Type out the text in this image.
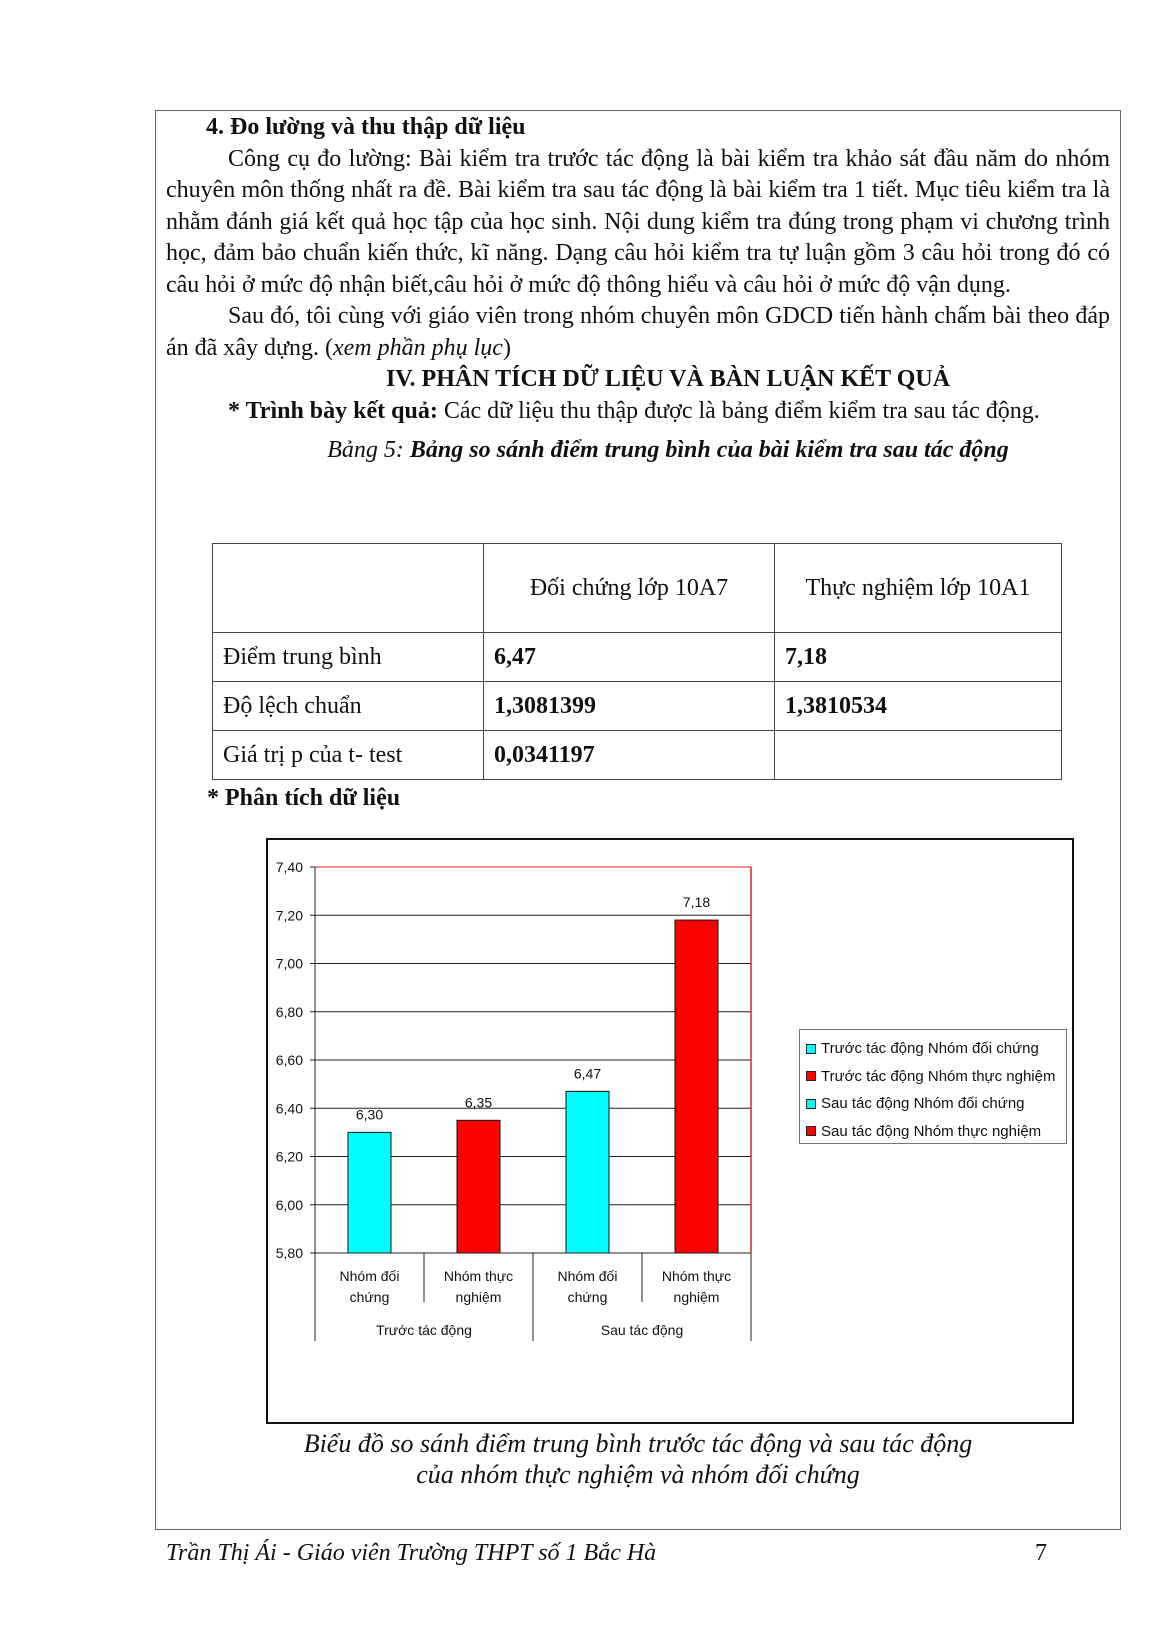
4. Đo lường và thu thập dữ liệu

Công cụ đo lường: Bài kiểm tra trước tác động là bài kiểm tra khảo sát đầu năm do nhóm chuyên môn thống nhất ra đề. Bài kiểm tra sau tác động là bài kiểm tra 1 tiết. Mục tiêu kiểm tra là nhằm đánh giá kết quả học tập của học sinh. Nội dung kiểm tra đúng trong phạm vi chương trình học, đảm bảo chuẩn kiến thức, kĩ năng. Dạng câu hỏi kiểm tra tự luận gồm 3 câu hỏi trong đó có câu hỏi ở mức độ nhận biết,câu hỏi ở mức độ thông hiểu và câu hỏi ở mức độ vận dụng.

Sau đó, tôi cùng với giáo viên trong nhóm chuyên môn GDCD tiến hành chấm bài theo đáp án đã xây dựng. (xem phần phụ lục)

IV. PHÂN TÍCH DỮ LIỆU VÀ BÀN LUẬN KẾT QUẢ

* Trình bày kết quả: Các dữ liệu thu thập được là bảng điểm kiểm tra sau tác động.

Bảng 5: Bảng so sánh điểm trung bình của bài kiểm tra sau tác động

	Đối chứng lớp 10A7	Thực nghiệm lớp 10A1
Điểm trung bình	6,47	7,18
Độ lệch chuẩn	1,3081399	1,3810534
Giá trị p của t- test	0,0341197	
* Phân tích dữ liệu
7,40
7,20
7,00
6,80
6,60
6,40
6,20
6,00
5,80
6,30
Nhóm đối
chứng
6,35
Nhóm thực
nghiệm
6,47
Nhóm đối
chứng
7,18
Nhóm thực
nghiệm
Trước tác động	Sau tác động
Trước tác động Nhóm đối chứng
Trước tác động Nhóm thực nghiệm
Sau tác động Nhóm đối chứng
Sau tác động Nhóm thực nghiệm
Biểu đồ so sánh điểm trung bình trước tác động và sau tác động
của nhóm thực nghiệm và nhóm đối chứng
Trần Thị Ái - Giáo viên Trường THPT số 1 Bắc Hà	7
